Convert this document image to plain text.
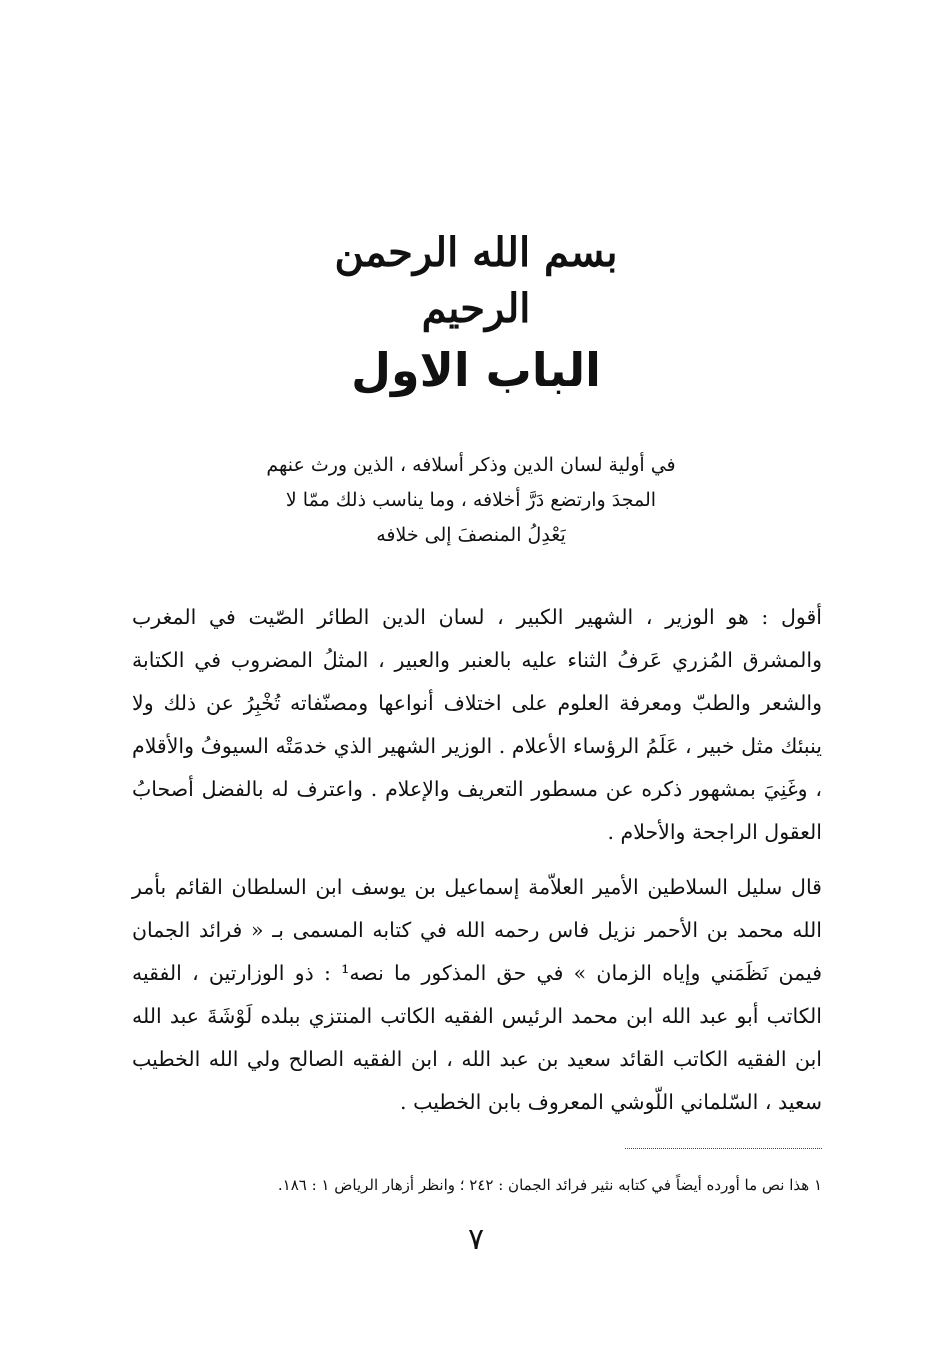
بسم الله الرحمن الرحيم
الباب الاول
في أولية لسان الدين وذكر أسلافه ، الذين ورث عنهم
المجدَ وارتضع دَرَّ أخلافه ، وما يناسب ذلك ممّا لا
يَعْدِلُ المنصفَ إلى خلافه
أقول : هو الوزير ، الشهير الكبير ، لسان الدين الطائر الصّيت في المغرب والمشرق المُزري عَرفُ الثناء عليه بالعنبر والعبير ، المثلُ المضروب في الكتابة والشعر والطبّ ومعرفة العلوم على اختلاف أنواعها ومصنّفاته تُخْبِرُ عن ذلك ولا ينبئك مثل خبير ، عَلَمُ الرؤساء الأعلام . الوزير الشهير الذي خدمَتْه السيوفُ والأقلام ، وغَنِيَ بمشهور ذكره عن مسطور التعريف والإعلام . واعترف له بالفضل أصحابُ العقول الراجحة والأحلام .
قال سليل السلاطين الأمير العلاّمة إسماعيل بن يوسف ابن السلطان القائم بأمر الله محمد بن الأحمر نزيل فاس رحمه الله في كتابه المسمى بـ « فرائد الجمان فيمن نَظَمَني وإياه الزمان » في حق المذكور ما نصه¹ : ذو الوزارتين ، الفقيه الكاتب أبو عبد الله ابن محمد الرئيس الفقيه الكاتب المنتزي ببلده لَوْشَةَ عبد الله ابن الفقيه الكاتب القائد سعيد بن عبد الله ، ابن الفقيه الصالح ولي الله الخطيب سعيد ، السّلماني اللّوشي المعروف بابن الخطيب .
١ هذا نص ما أورده أيضاً في كتابه نثير فرائد الجمان : ٢٤٢ ؛ وانظر أزهار الرياض ١ : ١٨٦.
٧
